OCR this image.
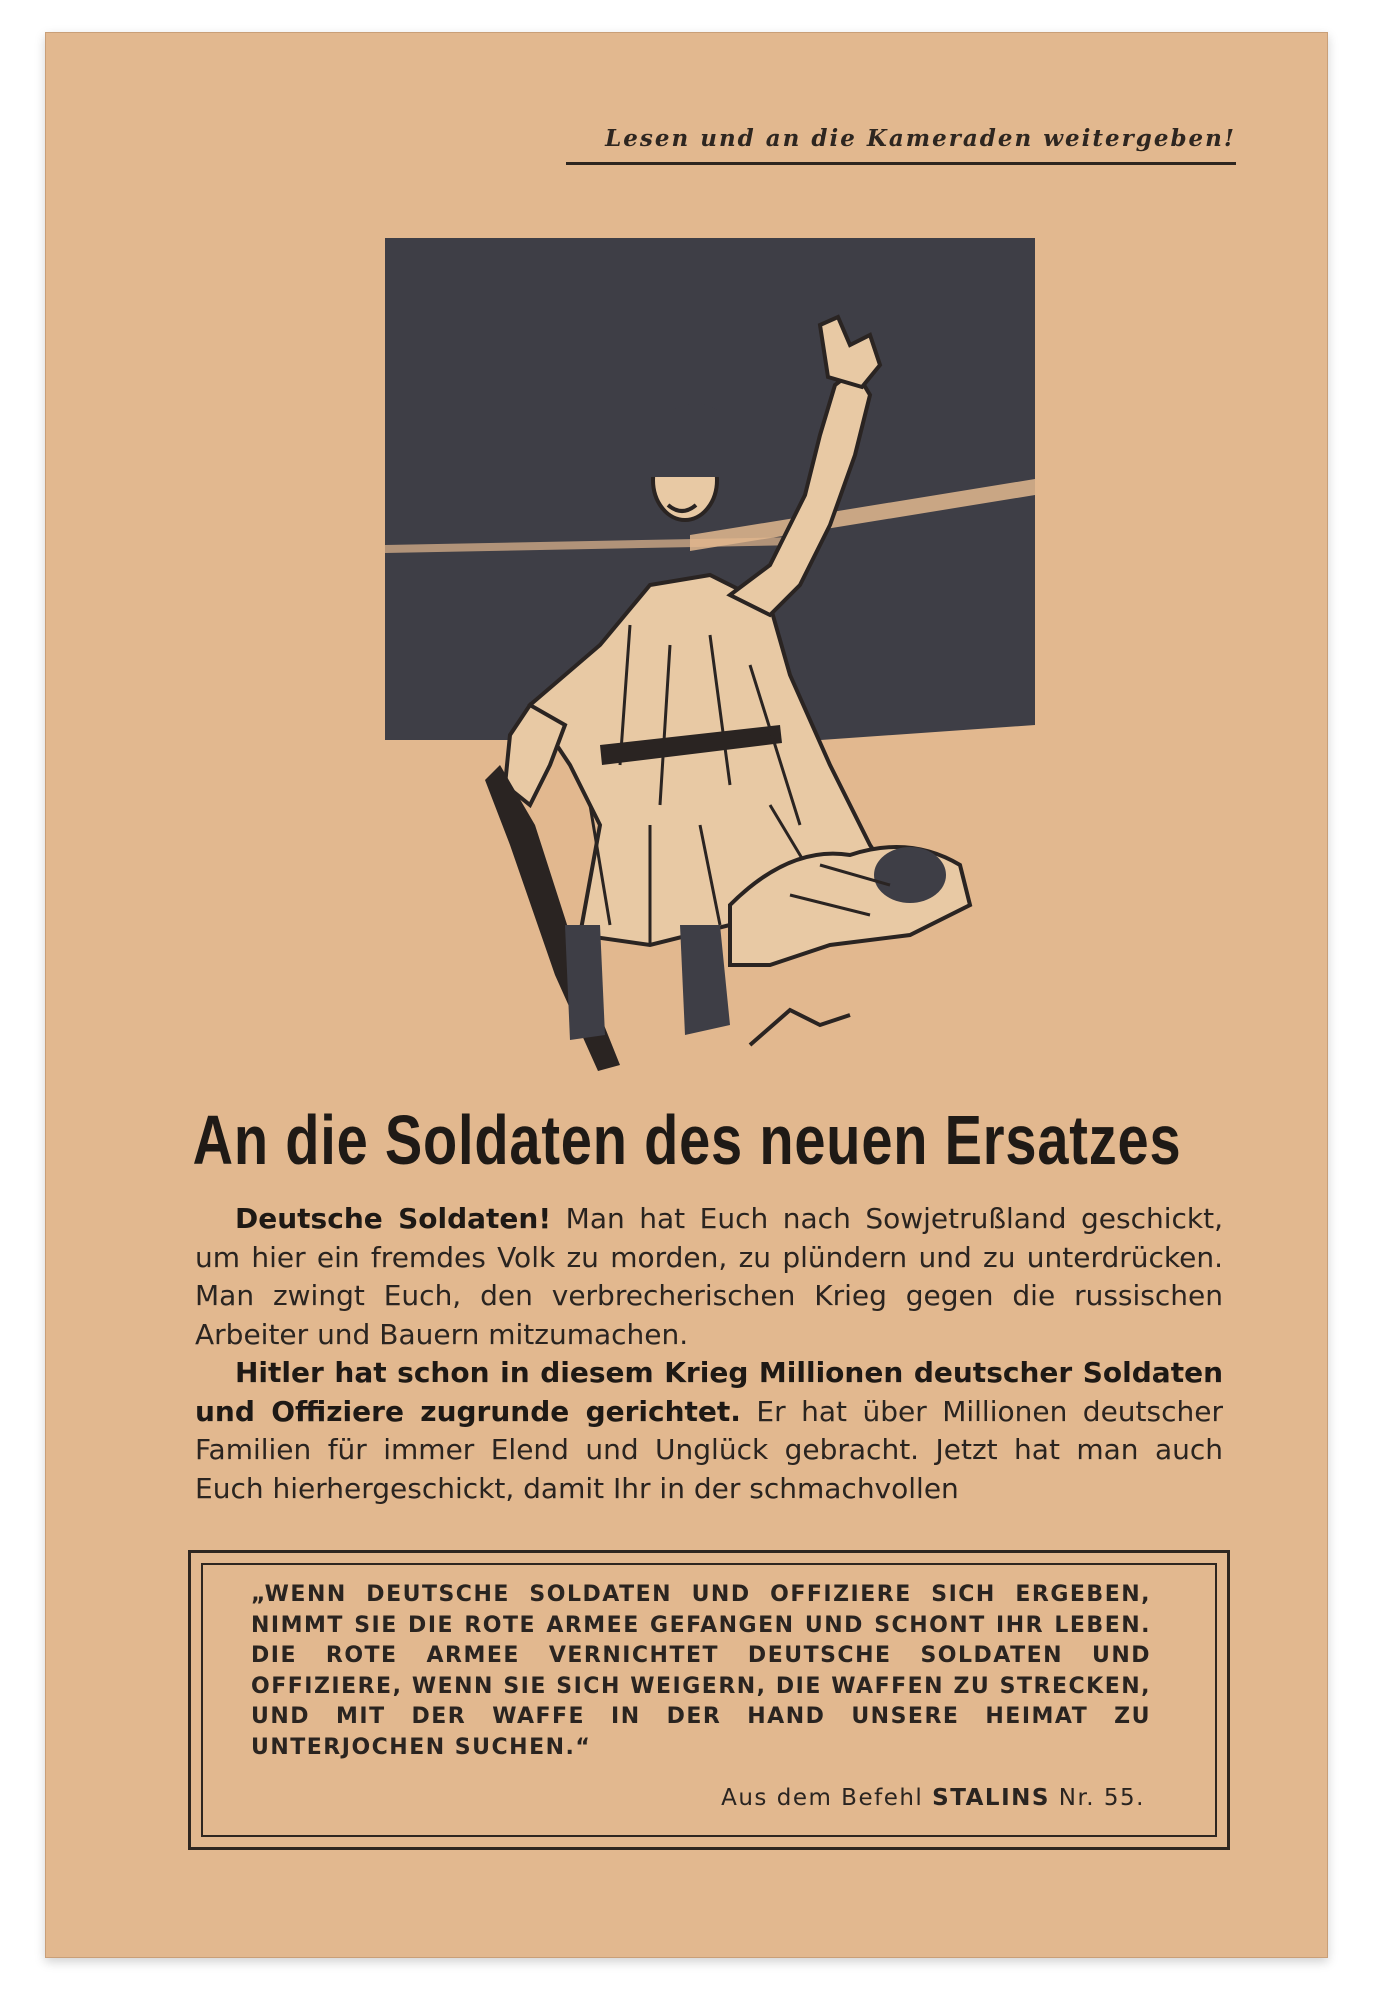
Lesen und an die Kameraden weitergeben!
An die Soldaten des neuen Ersatzes

Deutsche Soldaten! Man hat Euch nach Sowjetrußland geschickt, um hier ein fremdes Volk zu morden, zu plündern und zu unterdrücken. Man zwingt Euch, den verbrecherischen Krieg gegen die russischen Arbeiter und Bauern mitzumachen.

Hitler hat schon in diesem Krieg Millionen deutscher Soldaten und Offiziere zugrunde gerichtet. Er hat über Millionen deutscher Familien für immer Elend und Unglück gebracht. Jetzt hat man auch Euch hierhergeschickt, damit Ihr in der schmachvollen

„WENN DEUTSCHE SOLDATEN UND OFFIZIERE SICH ERGEBEN, NIMMT SIE DIE ROTE ARMEE GEFANGEN UND SCHONT IHR LEBEN. DIE ROTE ARMEE VERNICHTET DEUTSCHE SOLDATEN UND OFFIZIERE, WENN SIE SICH WEIGERN, DIE WAFFEN ZU STRECKEN, UND MIT DER WAFFE IN DER HAND UNSERE HEIMAT ZU UNTERJOCHEN SUCHEN.“
Aus dem Befehl STALINS Nr. 55.
